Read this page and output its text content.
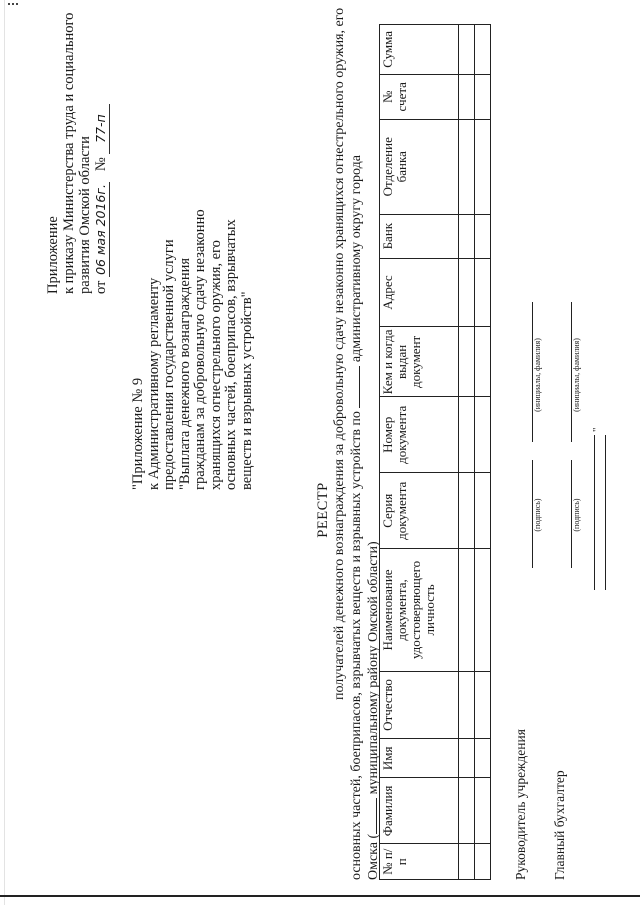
Приложение к приказу Министерства труда и социального развития Омской области от 06 мая 2016г.   № 77-п
"Приложение № 9 к Административному регламенту предоставления государственной услуги "Выплата денежного вознаграждения гражданам за добровольную сдачу незаконно хранящихся огнестрельного оружия, его основных частей, боеприпасов, взрывчатых веществ и взрывных устройств"
РЕЕСТР получателей денежного вознаграждения за добровольную сдачу незаконно хранящихся огнестрельного оружия, его основных частей, боеприпасов, взрывчатых веществ и взрывных устройств по  административному округу города
Омска ( муниципальному району Омской области)
№ п/п	Фамилия	Имя	Отчество	Наименование документа, удостоверяющего личность	Серия документа	Номер документа	Кем и когда выдан документ	Адрес	Банк	Отделение банка	№ счета	Сумма

Руководитель учреждения
(подпись)
(инициалы, фамилия)
Главный бухгалтер
(подпись)
(инициалы, фамилия)
"
